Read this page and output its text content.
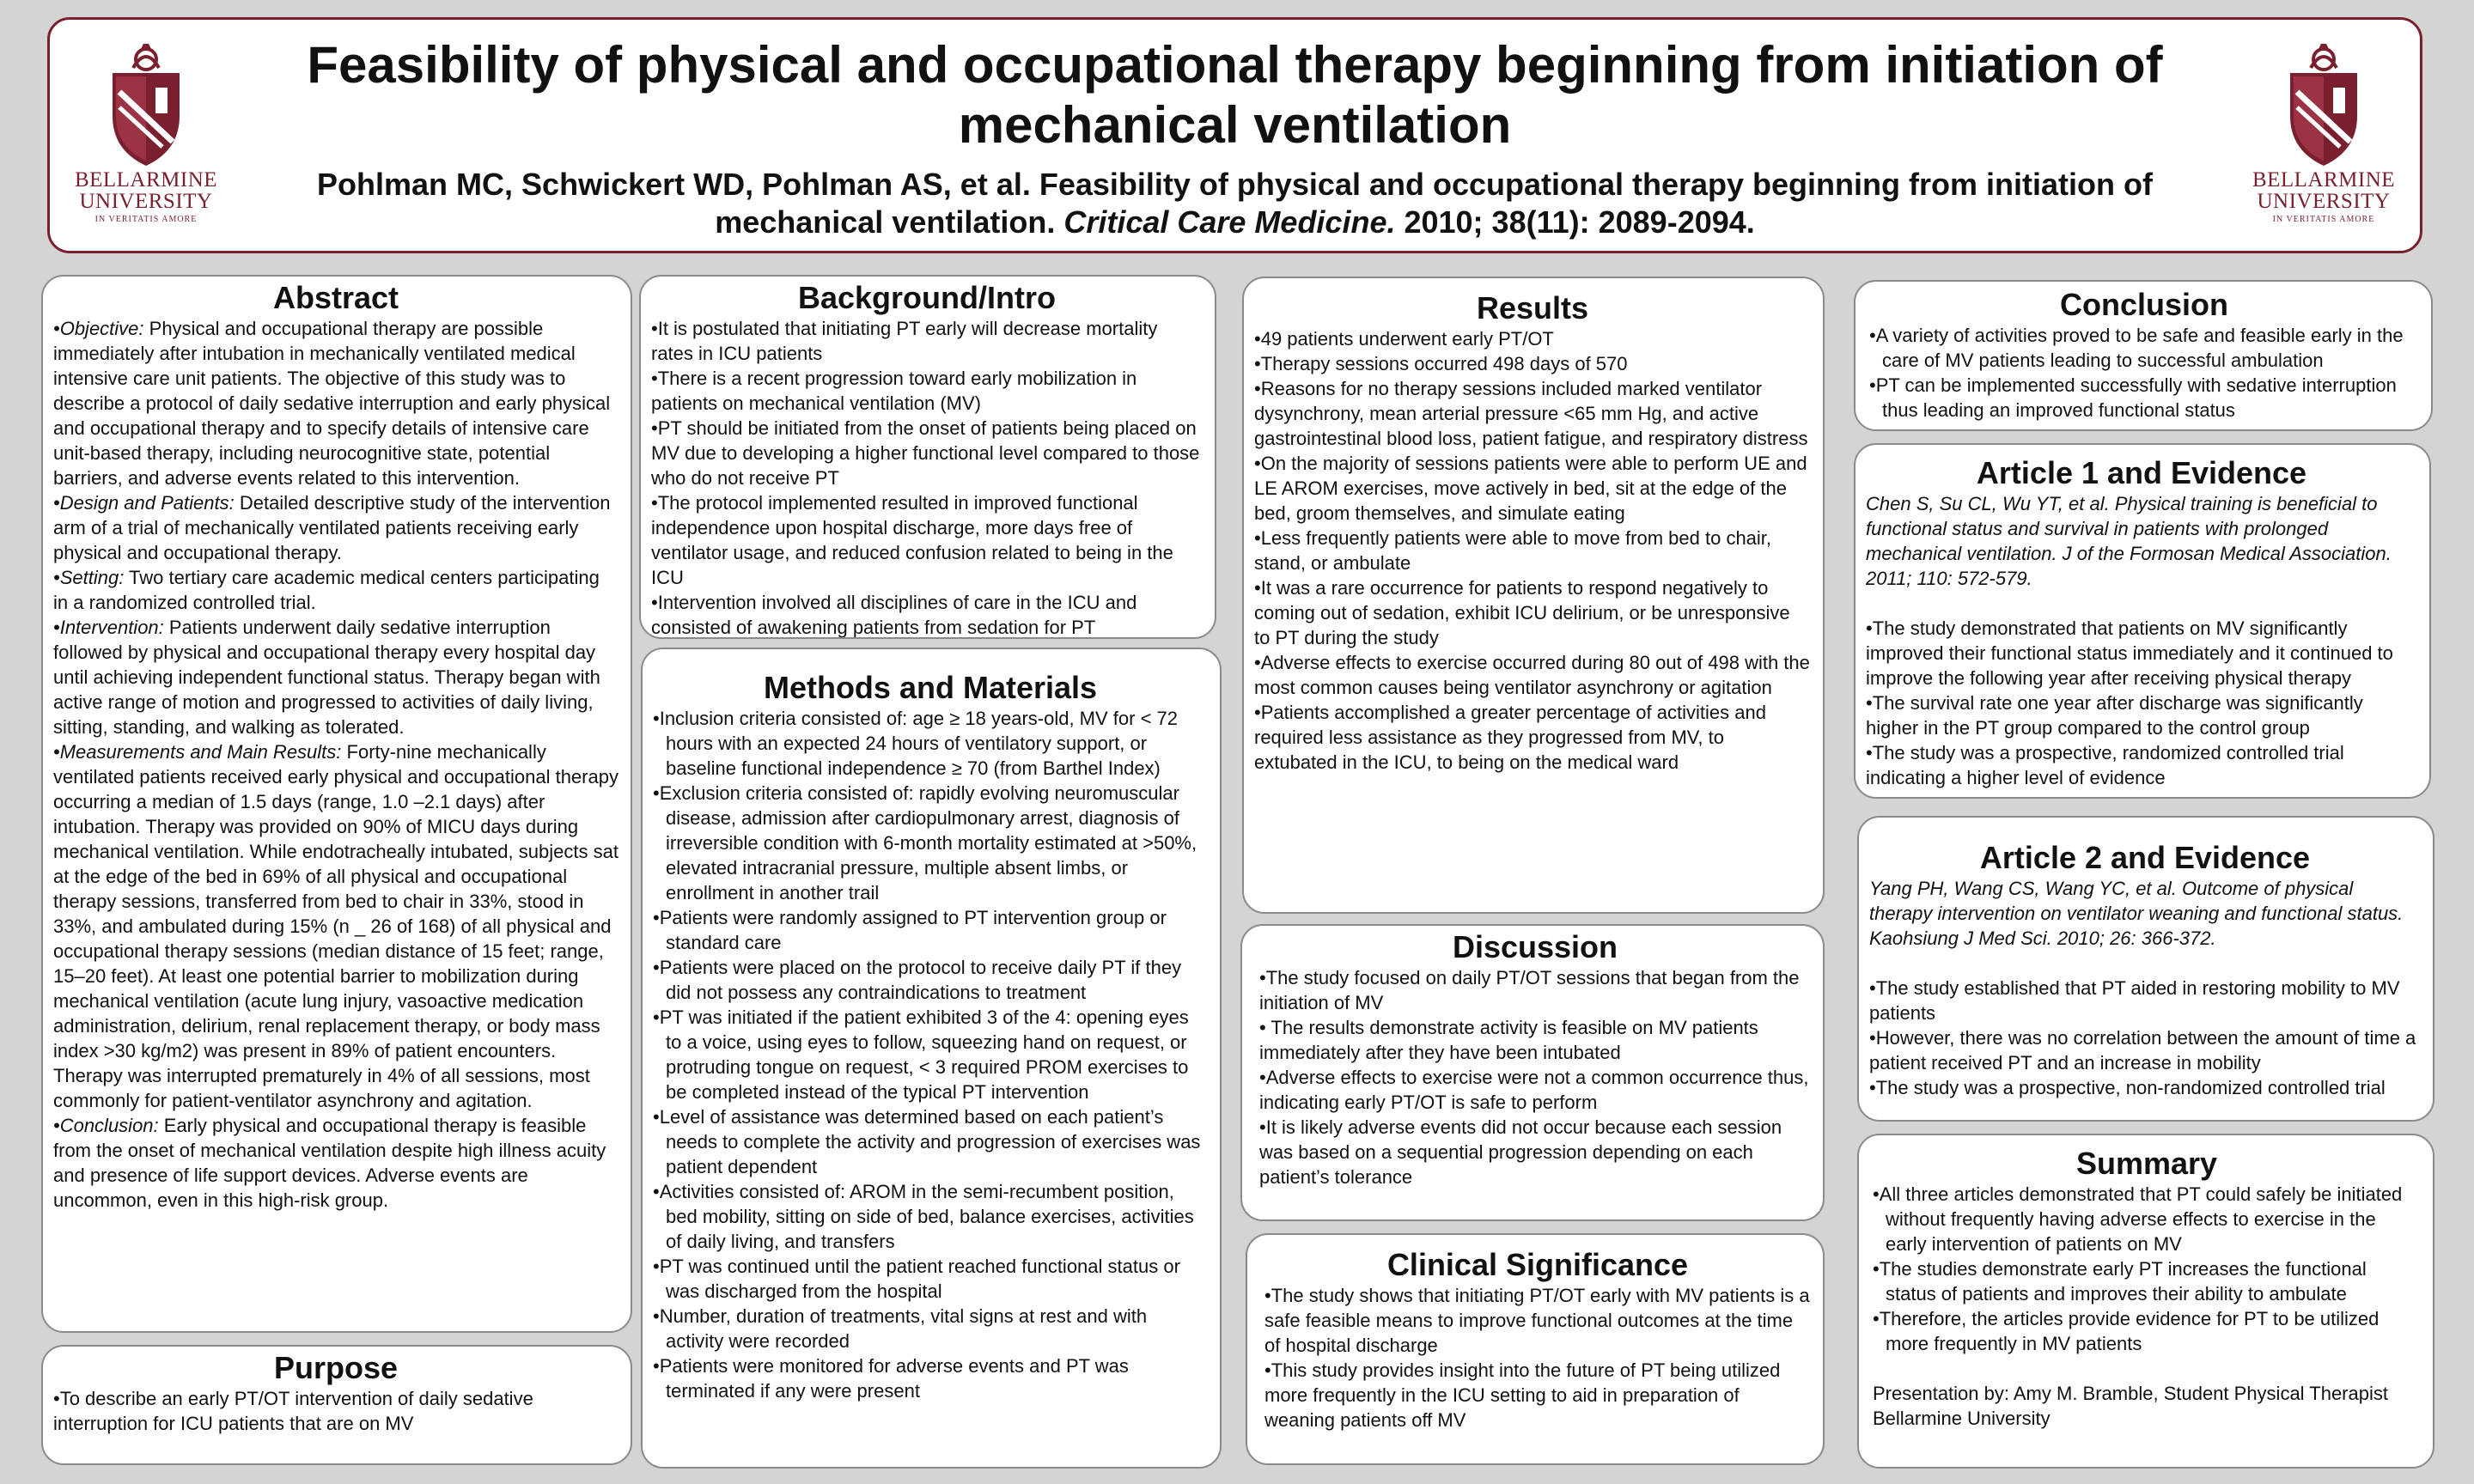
BELLARMINE
UNIVERSITY
IN VERITATIS AMORE
Feasibility of physical and occupational therapy beginning from initiation of mechanical ventilation

Pohlman MC, Schwickert WD, Pohlman AS, et al. Feasibility of physical and occupational therapy beginning from initiation of mechanical ventilation. Critical Care Medicine. 2010; 38(11): 2089-2094.

BELLARMINE
UNIVERSITY
IN VERITATIS AMORE
Abstract

•Objective: Physical and occupational therapy are possible immediately after intubation in mechanically ventilated medical intensive care unit patients. The objective of this study was to describe a protocol of daily sedative interruption and early physical and occupational therapy and to specify details of intensive care unit-based therapy, including neurocognitive state, potential barriers, and adverse events related to this intervention.

•Design and Patients: Detailed descriptive study of the intervention arm of a trial of mechanically ventilated patients receiving early physical and occupational therapy.

•Setting: Two tertiary care academic medical centers participating in a randomized controlled trial.

•Intervention: Patients underwent daily sedative interruption followed by physical and occupational therapy every hospital day until achieving independent functional status. Therapy began with active range of motion and progressed to activities of daily living, sitting, standing, and walking as tolerated.

•Measurements and Main Results: Forty-nine mechanically ventilated patients received early physical and occupational therapy occurring a median of 1.5 days (range, 1.0 –2.1 days) after intubation. Therapy was provided on 90% of MICU days during mechanical ventilation. While endotracheally intubated, subjects sat at the edge of the bed in 69% of all physical and occupational therapy sessions, transferred from bed to chair in 33%, stood in 33%, and ambulated during 15% (n _ 26 of 168) of all physical and occupational therapy sessions (median distance of 15 feet; range, 15–20 feet). At least one potential barrier to mobilization during mechanical ventilation (acute lung injury, vasoactive medication administration, delirium, renal replacement therapy, or body mass index >30 kg/m2) was present in 89% of patient encounters. Therapy was interrupted prematurely in 4% of all sessions, most commonly for patient-ventilator asynchrony and agitation.

•Conclusion: Early physical and occupational therapy is feasible from the onset of mechanical ventilation despite high illness acuity and presence of life support devices. Adverse events are uncommon, even in this high-risk group.

Purpose

•To describe an early PT/OT intervention of daily sedative interruption for ICU patients that are on MV

Background/Intro

•It is postulated that initiating PT early will decrease mortality rates in ICU patients

•There is a recent progression toward early mobilization in patients on mechanical ventilation (MV)

•PT should be initiated from the onset of patients being placed on MV due to developing a higher functional level compared to those who do not receive PT

•The protocol implemented resulted in improved functional independence upon hospital discharge, more days free of ventilator usage, and reduced confusion related to being in the ICU

•Intervention involved all disciplines of care in the ICU and consisted of awakening patients from sedation for PT

Methods and Materials

•Inclusion criteria consisted of: age ≥ 18 years-old, MV for < 72 hours with an expected 24 hours of ventilatory support, or baseline functional independence ≥ 70 (from Barthel Index)

•Exclusion criteria consisted of: rapidly evolving neuromuscular disease, admission after cardiopulmonary arrest, diagnosis of irreversible condition with 6-month mortality estimated at >50%, elevated intracranial pressure, multiple absent limbs, or enrollment in another trail

•Patients were randomly assigned to PT intervention group or standard care

•Patients were placed on the protocol to receive daily PT if they did not possess any contraindications to treatment

•PT was initiated if the patient exhibited 3 of the 4: opening eyes to a voice, using eyes to follow, squeezing hand on request, or protruding tongue on request, < 3 required PROM exercises to be completed instead of the typical PT intervention

•Level of assistance was determined based on each patient’s needs to complete the activity and progression of exercises was patient dependent

•Activities consisted of: AROM in the semi-recumbent position, bed mobility, sitting on side of bed, balance exercises, activities of daily living, and transfers

•PT was continued until the patient reached functional status or was discharged from the hospital

•Number, duration of treatments, vital signs at rest and with activity were recorded

•Patients were monitored for adverse events and PT was terminated if any were present

Results

•49 patients underwent early PT/OT

•Therapy sessions occurred 498 days of 570

•Reasons for no therapy sessions included marked ventilator dysynchrony, mean arterial pressure <65 mm Hg, and active gastrointestinal blood loss, patient fatigue, and respiratory distress

•On the majority of sessions patients were able to perform UE and LE AROM exercises, move actively in bed, sit at the edge of the bed, groom themselves, and simulate eating

•Less frequently patients were able to move from bed to chair, stand, or ambulate

•It was a rare occurrence for patients to respond negatively to coming out of sedation, exhibit ICU delirium, or be unresponsive to PT during the study

•Adverse effects to exercise occurred during 80 out of 498 with the most common causes being ventilator asynchrony or agitation

•Patients accomplished a greater percentage of activities and required less assistance as they progressed from MV, to extubated in the ICU, to being on the medical ward

Discussion

•The study focused on daily PT/OT sessions that began from the initiation of MV

• The results demonstrate activity is feasible on MV patients immediately after they have been intubated

•Adverse effects to exercise were not a common occurrence thus, indicating early PT/OT is safe to perform

•It is likely adverse events did not occur because each session was based on a sequential progression depending on each patient’s tolerance

Clinical Significance

•The study shows that initiating PT/OT early with MV patients is a safe feasible means to improve functional outcomes at the time of hospital discharge

•This study provides insight into the future of PT being utilized more frequently in the ICU setting to aid in preparation of weaning patients off MV

Conclusion

•A variety of activities proved to be safe and feasible early in the care of MV patients leading to successful ambulation

•PT can be implemented successfully with sedative interruption thus leading an improved functional status

Article 1 and Evidence

Chen S, Su CL, Wu YT, et al. Physical training is beneficial to functional status and survival in patients with prolonged mechanical ventilation. J of the Formosan Medical Association. 2011; 110: 572-579.

•The study demonstrated that patients on MV significantly improved their functional status immediately and it continued to improve the following year after receiving physical therapy

•The survival rate one year after discharge was significantly higher in the PT group compared to the control group

•The study was a prospective, randomized controlled trial indicating a higher level of evidence

Article 2 and Evidence

Yang PH, Wang CS, Wang YC, et al. Outcome of physical therapy intervention on ventilator weaning and functional status. Kaohsiung J Med Sci. 2010; 26: 366-372.

•The study established that PT aided in restoring mobility to MV patients

•However, there was no correlation between the amount of time a patient received PT and an increase in mobility

•The study was a prospective, non-randomized controlled trial

Summary

•All three articles demonstrated that PT could safely be initiated without frequently having adverse effects to exercise in the early intervention of patients on MV

•The studies demonstrate early PT increases the functional status of patients and improves their ability to ambulate

•Therefore, the articles provide evidence for PT to be utilized more frequently in MV patients

Presentation by: Amy M. Bramble, Student Physical Therapist

Bellarmine University
